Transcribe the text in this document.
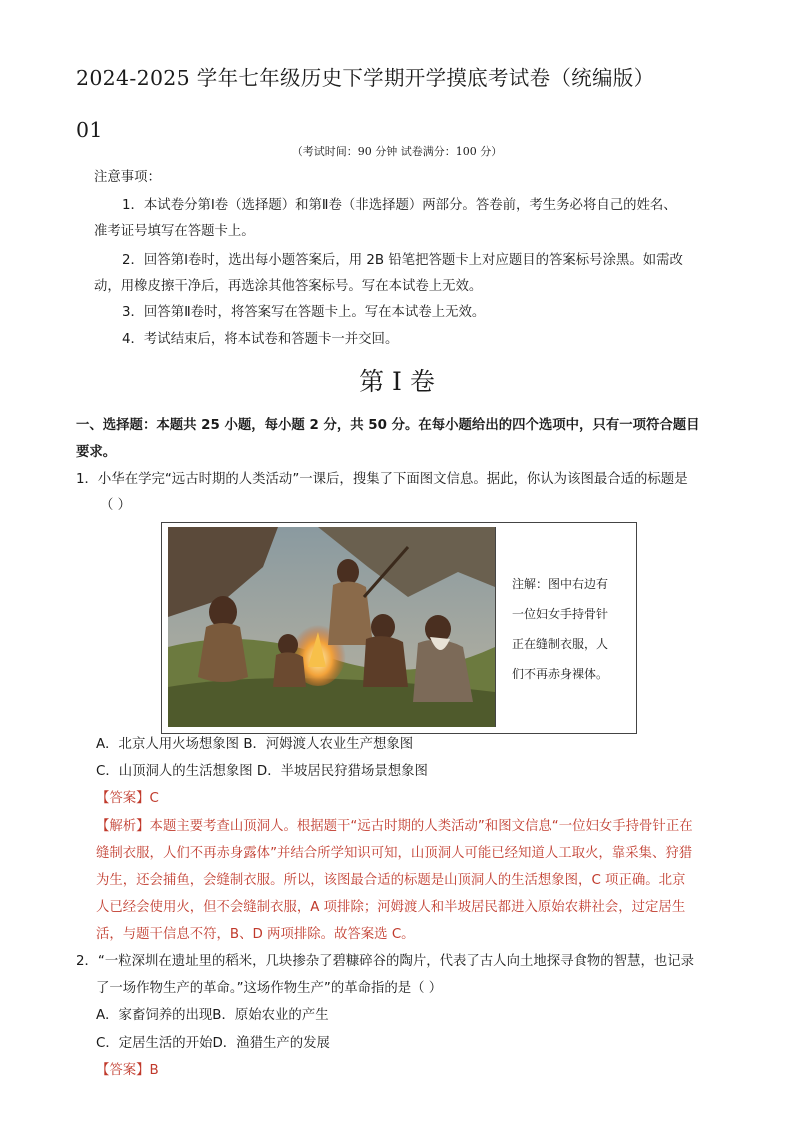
2024-2025 学年七年级历史下学期开学摸底考试卷（统编版）
01
（考试时间：90 分钟 试卷满分：100 分）
注意事项：
1．本试卷分第Ⅰ卷（选择题）和第Ⅱ卷（非选择题）两部分。答卷前，考生务必将自己的姓名、
准考证号填写在答题卡上。
2．回答第Ⅰ卷时，选出每小题答案后，用 2B 铅笔把答题卡上对应题目的答案标号涂黑。如需改
动，用橡皮擦干净后，再选涂其他答案标号。写在本试卷上无效。
3．回答第Ⅱ卷时，将答案写在答题卡上。写在本试卷上无效。
4．考试结束后，将本试卷和答题卡一并交回。
第 I 卷
一、选择题：本题共 25 小题，每小题 2 分，共 50 分。在每小题给出的四个选项中，只有一项符合题目
要求。
1．小华在学完“远古时期的人类活动”一课后，搜集了下面图文信息。据此，你认为该图最合适的标题是
（ ）
注解：图中右边有
一位妇女手持骨针
正在缝制衣服，人
们不再赤身裸体。
A．北京人用火场想象图 B．河姆渡人农业生产想象图
C．山顶洞人的生活想象图 D．半坡居民狩猎场景想象图
【答案】C
【解析】本题主要考查山顶洞人。根据题干“远古时期的人类活动”和图文信息“一位妇女手持骨针正在
缝制衣服，人们不再赤身露体”并结合所学知识可知，山顶洞人可能已经知道人工取火，靠采集、狩猎
为生，还会捕鱼，会缝制衣服。所以，该图最合适的标题是山顶洞人的生活想象图，C 项正确。北京
人已经会使用火，但不会缝制衣服，A 项排除；河姆渡人和半坡居民都进入原始农耕社会，过定居生
活，与题干信息不符，B、D 两项排除。故答案选 C。
2．“一粒深圳在遗址里的稻米，几块掺杂了碧糠碎谷的陶片，代表了古人向土地探寻食物的智慧，也记录
了一场作物生产的革命。”这场作物生产”的革命指的是（ ）
A．家畜饲养的出现B．原始农业的产生
C．定居生活的开始D．渔猎生产的发展
【答案】B
